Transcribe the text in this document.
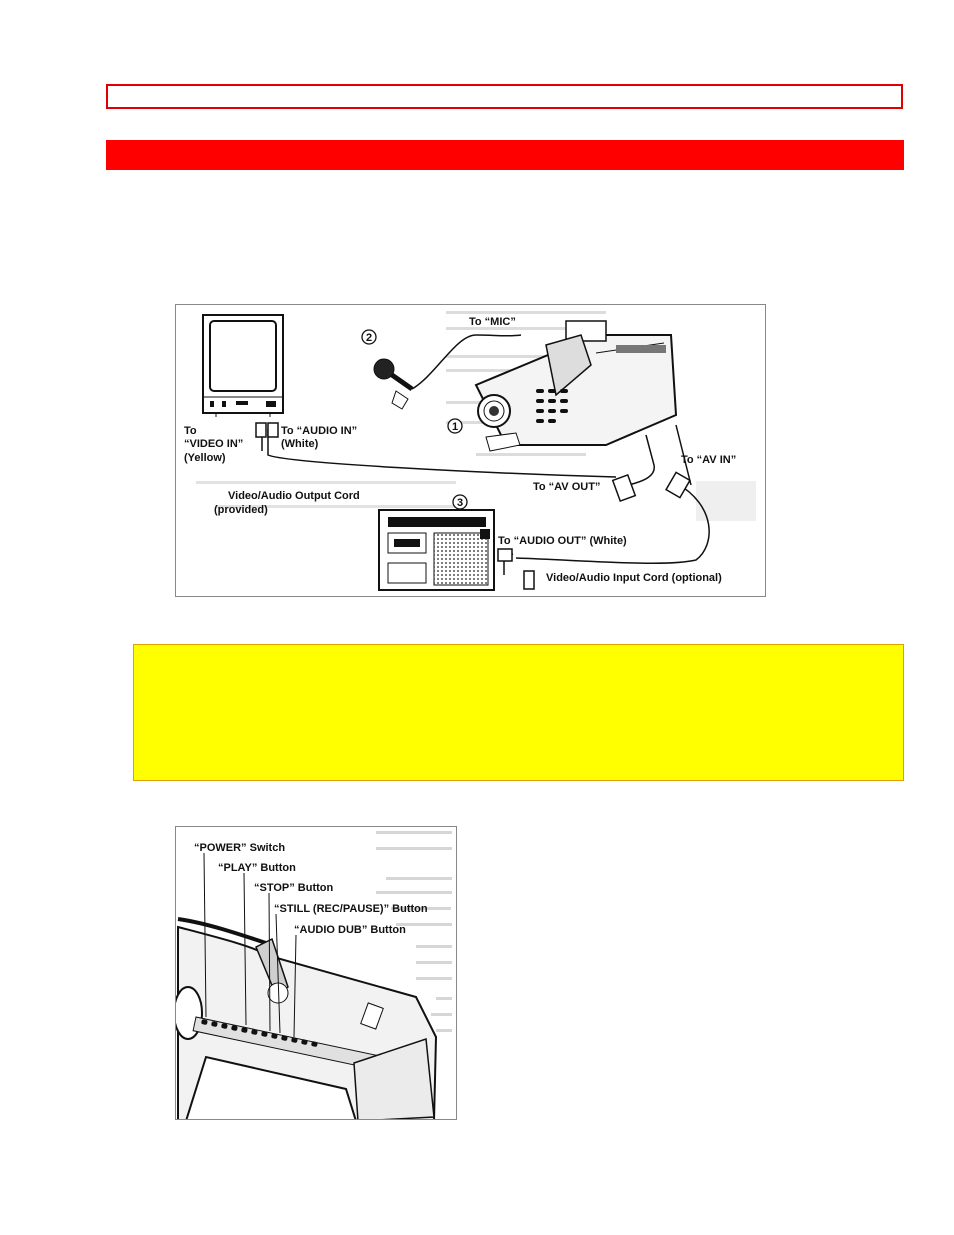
1
2
3
To “MIC”
To
“VIDEO IN”
(Yellow)
To “AUDIO IN”
(White)
To “AV IN”
To “AV OUT”
Video/Audio Output Cord
(provided)
To “AUDIO OUT” (White)
Video/Audio Input Cord (optional)
“POWER” Switch
“PLAY” Button
“STOP” Button
“STILL (REC/PAUSE)” Button
“AUDIO DUB” Button
